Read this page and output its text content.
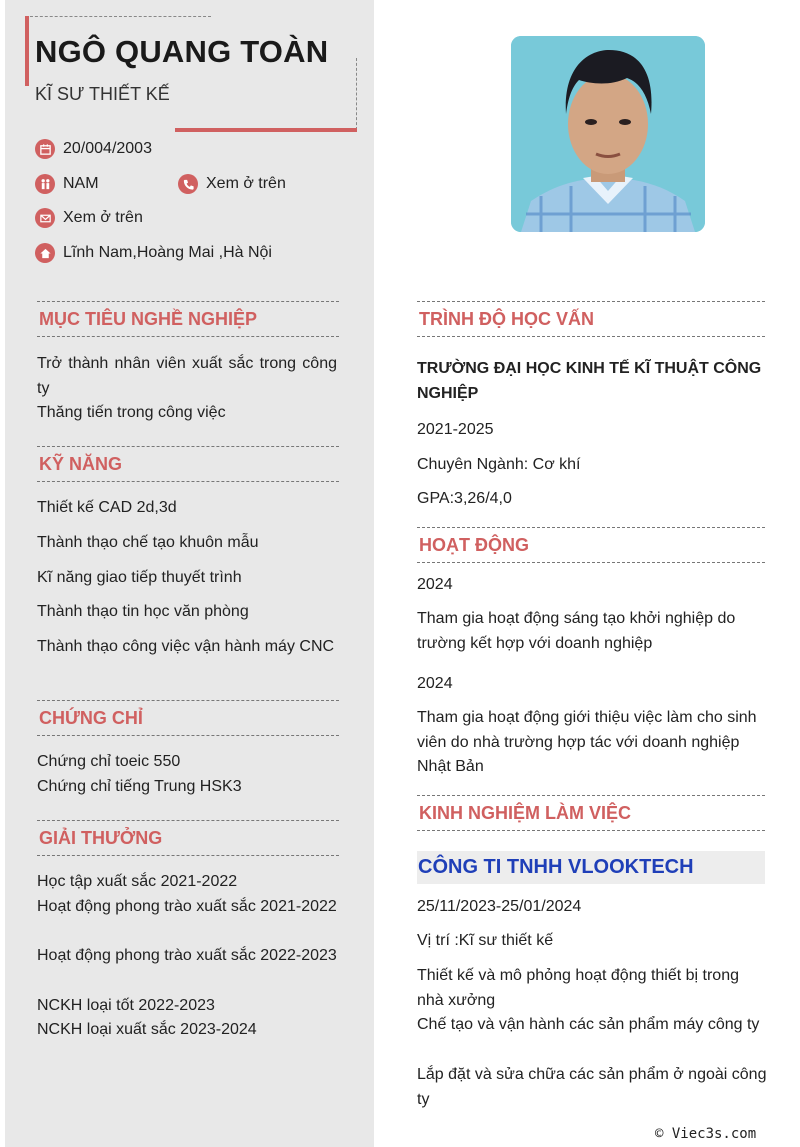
NGÔ QUANG TOÀN
KĨ SƯ THIẾT KẾ
20/004/2003
NAM	Xem ở trên
Xem ở trên
Lĩnh Nam,Hoàng Mai ,Hà Nội
MỤC TIÊU NGHỀ NGHIỆP
Trở thành nhân viên xuất sắc trong công ty
Thăng tiến trong công việc
KỸ NĂNG
Thiết kế CAD 2d,3d
Thành thạo chế tạo khuôn mẫu
Kĩ năng giao tiếp thuyết trình
Thành thạo tin học văn phòng
Thành thạo công việc vận hành máy CNC
CHỨNG CHỈ
Chứng chỉ toeic 550
Chứng chỉ tiếng Trung HSK3
GIẢI THƯỞNG
Học tập xuất sắc 2021-2022
Hoạt động phong trào xuất sắc 2021-2022
Hoạt động phong trào xuất sắc 2022-2023
NCKH loại tốt 2022-2023
NCKH loại xuất sắc 2023-2024
TRÌNH ĐỘ HỌC VẤN
TRƯỜNG ĐẠI HỌC KINH TẾ KĨ THUẬT CÔNG NGHIỆP
2021-2025
Chuyên Ngành: Cơ khí
GPA:3,26/4,0
HOẠT ĐỘNG
2024
Tham gia hoạt động sáng tạo khởi nghiệp do trường kết hợp với doanh nghiệp
2024
Tham gia hoạt động giới thiệu việc làm cho sinh viên do nhà trường hợp tác với doanh nghiệp Nhật Bản
KINH NGHIỆM LÀM VIỆC
CÔNG TI TNHH VLOOKTECH
25/11/2023-25/01/2024
Vị trí :Kĩ sư thiết kế
Thiết kế và mô phỏng hoạt động thiết bị trong nhà xưởng
Chế tạo và vận hành các sản phẩm máy công ty
Lắp đặt và sửa chữa các sản phẩm ở ngoài công ty
© Viec3s.com
